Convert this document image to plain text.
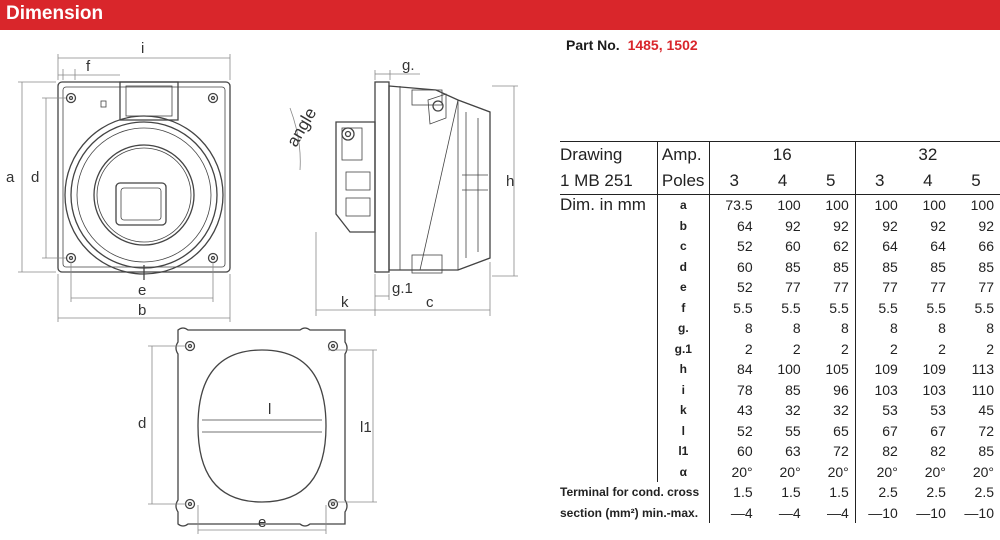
Dimension
Part No. 1485, 1502
i
f
a d
e
b
g.
angle
h
k
g.1
c
d
l
l1
e
Drawing	Amp.	16			32		
1 MB 251	Poles	3	4	5	3	4	5
Dim. in mm	a	73.5	100	100	100	100	100
	b	64	92	92	92	92	92
	c	52	60	62	64	64	66
	d	60	85	85	85	85	85
	e	52	77	77	77	77	77
	f	5.5	5.5	5.5	5.5	5.5	5.5
	g.	8	8	8	8	8	8
	g.1	2	2	2	2	2	2
	h	84	100	105	109	109	113
	i	78	85	96	103	103	110
	k	43	32	32	53	53	45
	l	52	55	65	67	67	72
	l1	60	63	72	82	82	85
	α	20°	20°	20°	20°	20°	20°
Terminal for cond. cross		1.5	1.5	1.5	2.5	2.5	2.5
section (mm²) min.-max.		—4	—4	—4	—10	—10	—10
